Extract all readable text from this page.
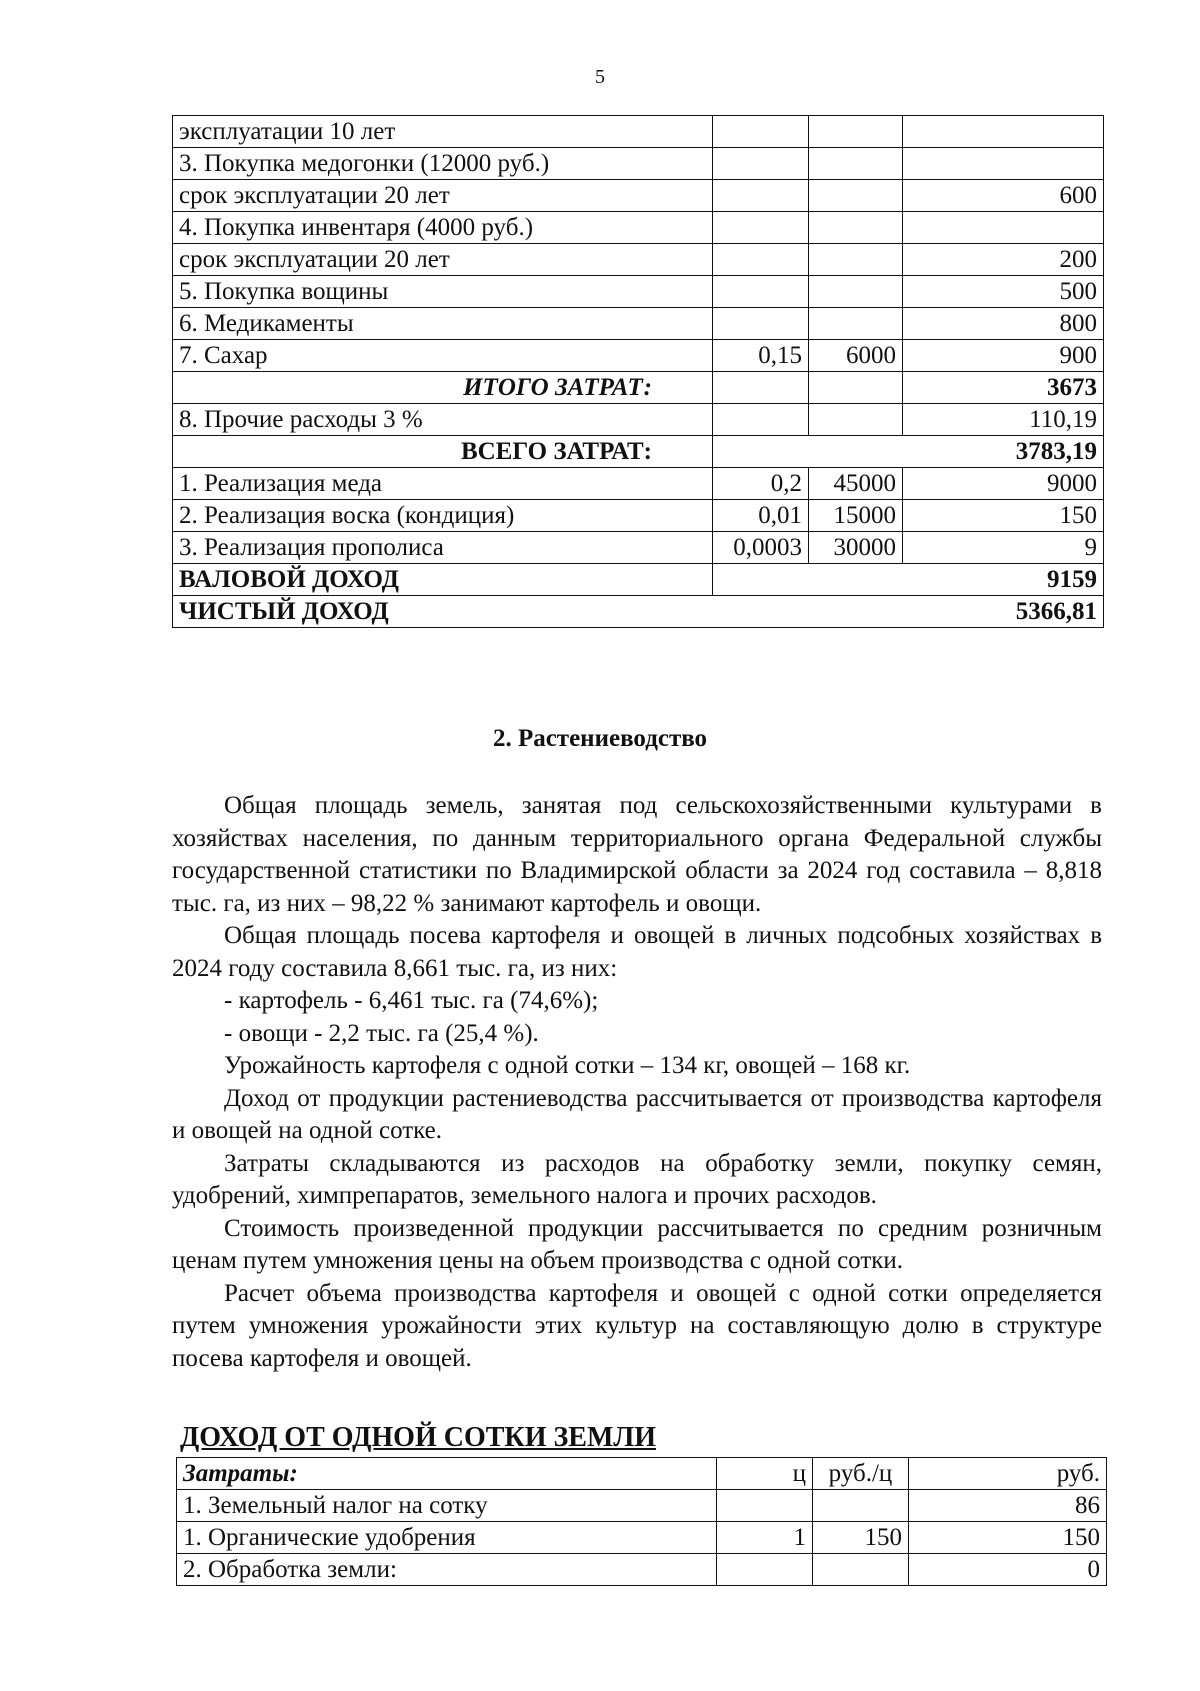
5
эксплуатации 10 лет			
3. Покупка медогонки (12000 руб.)			
срок эксплуатации 20 лет			600
4. Покупка инвентаря (4000 руб.)			
срок эксплуатации 20 лет			200
5. Покупка вощины			500
6. Медикаменты			800
7. Сахар	0,15	6000	900
ИТОГО ЗАТРАТ:			3673
8. Прочие расходы 3 %			110,19
ВСЕГО ЗАТРАТ:	3783,19		
1. Реализация меда	0,2	45000	9000
2. Реализация воска (кондиция)	0,01	15000	150
3. Реализация прополиса	0,0003	30000	9
ВАЛОВОЙ ДОХОД	9159		
ЧИСТЫЙ ДОХОД			5366,81
2. Растениеводство

Общая площадь земель, занятая под сельскохозяйственными культурами в хозяйствах населения, по данным территориального органа Федеральной службы государственной статистики по Владимирской области за 2024 год составила – 8,818 тыс. га, из них – 98,22 % занимают картофель и овощи.

Общая площадь посева картофеля и овощей в личных подсобных хозяйствах в 2024 году составила 8,661 тыс. га, из них:

- картофель - 6,461 тыс. га (74,6%);

- овощи - 2,2 тыс. га (25,4 %).

Урожайность картофеля с одной сотки – 134 кг, овощей – 168 кг.

Доход от продукции растениеводства рассчитывается от производства картофеля и овощей на одной сотке.

Затраты складываются из расходов на обработку земли, покупку семян, удобрений, химпрепаратов, земельного налога и прочих расходов.

Стоимость произведенной продукции рассчитывается по средним розничным ценам путем умножения цены на объем производства с одной сотки.

Расчет объема производства картофеля и овощей с одной сотки определяется путем умножения урожайности этих культур на составляющую долю в структуре посева картофеля и овощей.

ДОХОД ОТ ОДНОЙ СОТКИ ЗЕМЛИ
Затраты:	ц	руб./ц	руб.
1. Земельный налог на сотку			86
1. Органические удобрения	1	150	150
2. Обработка земли:			0
